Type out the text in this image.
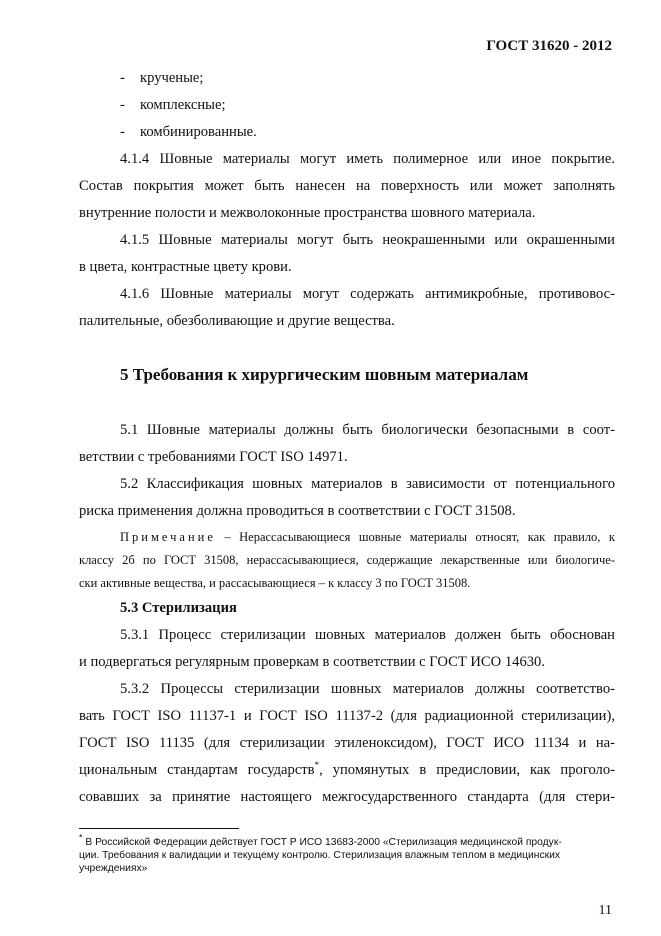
ГОСТ 31620 - 2012
- крученые;
- комплексные;
- комбинированные.
4.1.4 Шовные материалы могут иметь полимерное или иное покрытие.
Состав покрытия может быть нанесен на поверхность или может заполнять
внутренние полости и межволоконные пространства шовного материала.
4.1.5 Шовные материалы могут быть неокрашенными или окрашенными
в цвета, контрастные цвету крови.
4.1.6 Шовные материалы могут содержать антимикробные, противовос-
палительные, обезболивающие и другие вещества.
5 Требования к хирургическим шовным материалам
5.1 Шовные материалы должны быть биологически безопасными в соот-
ветствии с требованиями ГОСТ ISO 14971.
5.2 Классификация шовных материалов в зависимости от потенциального
риска применения должна проводиться в соответствии с ГОСТ 31508.
Примечание – Нерассасывающиеся шовные материалы относят, как правило, к
классу 2б по ГОСТ 31508, нерассасывающиеся, содержащие лекарственные или биологиче-
ски активные вещества, и рассасывающиеся – к классу 3 по ГОСТ 31508.
5.3 Стерилизация
5.3.1 Процесс стерилизации шовных материалов должен быть обоснован
и подвергаться регулярным проверкам в соответствии с ГОСТ ИСО 14630.
5.3.2 Процессы стерилизации шовных материалов должны соответство-
вать ГОСТ ISO 11137-1 и ГОСТ ISO 11137-2 (для радиационной стерилизации),
ГОСТ ISO 11135 (для стерилизации этиленоксидом), ГОСТ ИСО 11134 и на-
циональным стандартам государств*, упомянутых в предисловии, как проголо-
совавших за принятие настоящего межгосударственного стандарта (для стери-
* В Российской Федерации действует ГОСТ Р ИСО 13683-2000 «Стерилизация медицинской продук-
ции. Требования к валидации и текущему контролю. Стерилизация влажным теплом в медицинских
учреждениях»
11
